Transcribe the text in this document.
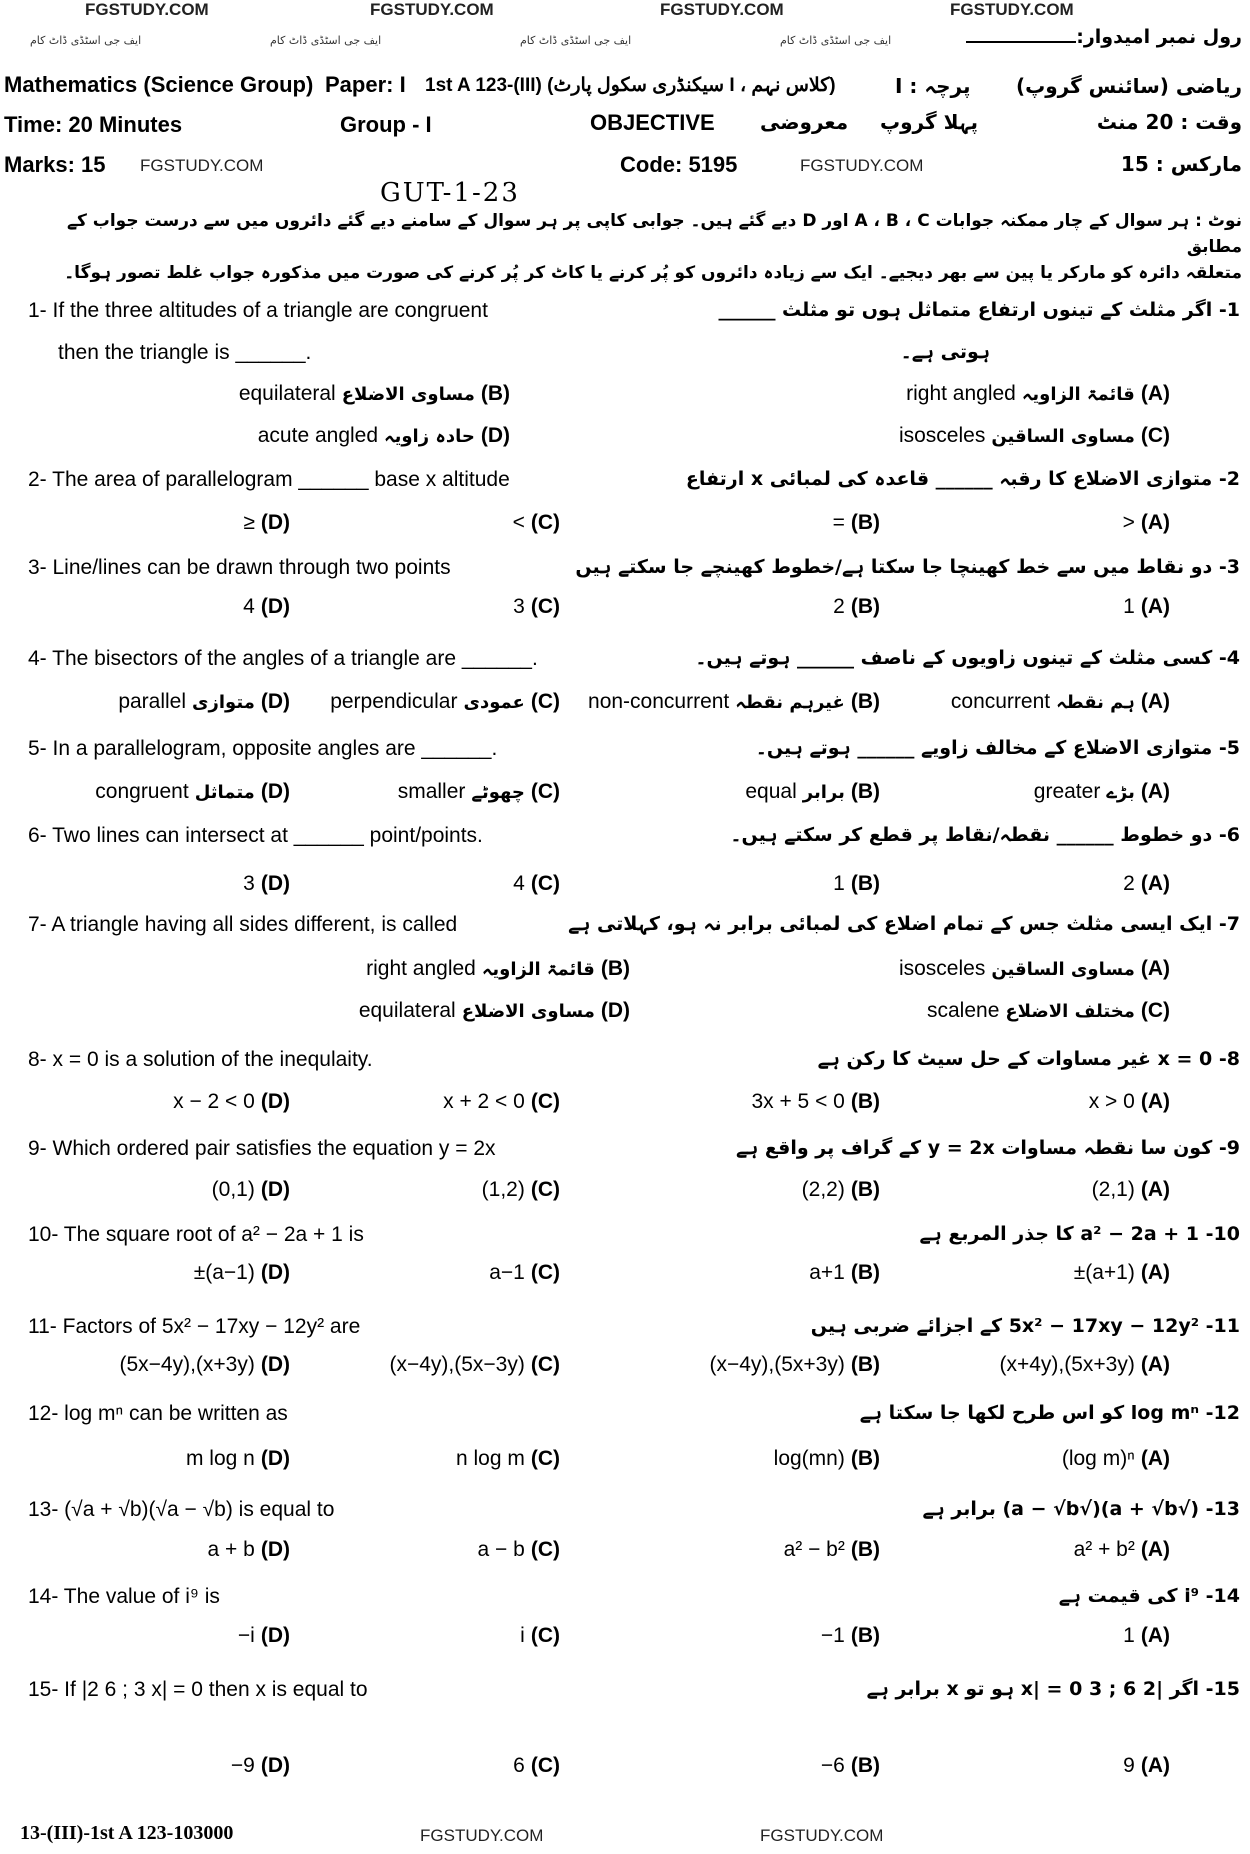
FGSTUDY.COM	FGSTUDY.COM	FGSTUDY.COM	FGSTUDY.COM
رول نمبر امیدوار:
ایف جی اسٹڈی ڈاٹ کام	ایف جی اسٹڈی ڈاٹ کام	ایف جی اسٹڈی ڈاٹ کام	ایف جی اسٹڈی ڈاٹ کام
Mathematics (Science Group) Paper: I 1st A 123-(III) (سیکنڈری سکول پارٹ I ، کلاس نہم)	پرچہ : I ریاضی (سائنس گروپ)
Time: 20 Minutes	Group - I	OBJECTIVE معروضی پہلا گروپ	وقت : 20 منٹ
Marks: 15 FGSTUDY.COM	Code: 5195	FGSTUDY.COM	مارکس : 15
GUT-1-23
نوٹ : ہر سوال کے چار ممکنہ جوابات A ، B ، C اور D دیے گئے ہیں۔ جوابی کاپی پر ہر سوال کے سامنے دیے گئے دائروں میں سے درست جواب کے مطابق
متعلقہ دائرہ کو مارکر یا پین سے بھر دیجیے۔ ایک سے زیادہ دائروں کو پُر کرنے یا کاٹ کر پُر کرنے کی صورت میں مذکورہ جواب غلط تصور ہوگا۔
1- If the three altitudes of a triangle are congruent
then the triangle is ______.
1- اگر مثلث کے تینوں ارتفاع متماثل ہوں تو مثلث ______
ہوتی ہے۔
right angled قائمۃ الزاویہ (A)
equilateral مساوی الاضلاع (B)
isosceles مساوی الساقین (C)
acute angled حادہ زاویہ (D)
2- The area of parallelogram ______ base x altitude	2- متوازی الاضلاع کا رقبہ ______ قاعدہ کی لمبائی x ارتفاع
> (A)
= (B)
< (C)
≥ (D)
3- Line/lines can be drawn through two points	3- دو نقاط میں سے خط کھینچا جا سکتا ہے/خطوط کھینچے جا سکتے ہیں
1 (A)
2 (B)
3 (C)
4 (D)
4- The bisectors of the angles of a triangle are ______.	4- کسی مثلث کے تینوں زاویوں کے ناصف ______ ہوتے ہیں۔
concurrent ہم نقطہ (A)
non-concurrent غیرہم نقطہ (B)
perpendicular عمودی (C)
parallel متوازی (D)
5- In a parallelogram, opposite angles are ______.	5- متوازی الاضلاع کے مخالف زاویے ______ ہوتے ہیں۔
greater بڑے (A)
equal برابر (B)
smaller چھوٹے (C)
congruent متماثل (D)
6- Two lines can intersect at ______ point/points.	6- دو خطوط ______ نقطہ/نقاط پر قطع کر سکتے ہیں۔
2 (A)
1 (B)
4 (C)
3 (D)
7- A triangle having all sides different, is called	7- ایک ایسی مثلث جس کے تمام اضلاع کی لمبائی برابر نہ ہو، کہلاتی ہے
isosceles مساوی الساقین (A)
right angled قائمۃ الزاویہ (B)
scalene مختلف الاضلاع (C)
equilateral مساوی الاضلاع (D)
8- x = 0 is a solution of the inequlaity.	8- x = 0 غیر مساوات کے حل سیٹ کا رکن ہے
x > 0 (A)
3x + 5 < 0 (B)
x + 2 < 0 (C)
x − 2 < 0 (D)
9- Which ordered pair satisfies the equation y = 2x	9- کون سا نقطہ مساوات y = 2x کے گراف پر واقع ہے
(2,1) (A)
(2,2) (B)
(1,2) (C)
(0,1) (D)
10- The square root of a² − 2a + 1 is	10- a² − 2a + 1 کا جذر المربع ہے
±(a+1) (A)
a+1 (B)
a−1 (C)
±(a−1) (D)
11- Factors of 5x² − 17xy − 12y² are	11- 5x² − 17xy − 12y² کے اجزائے ضربی ہیں
(x+4y),(5x+3y) (A)
(x−4y),(5x+3y) (B)
(x−4y),(5x−3y) (C)
(5x−4y),(x+3y) (D)
12- log mⁿ can be written as	12- log mⁿ کو اس طرح لکھا جا سکتا ہے
(log m)ⁿ (A)
log(mn) (B)
n log m (C)
m log n (D)
13- (√a + √b)(√a − √b) is equal to	13- (√a + √b)(√a − √b) برابر ہے
a² + b² (A)
a² − b² (B)
a − b (C)
a + b (D)
14- The value of i⁹ is	14- i⁹ کی قیمت ہے
1 (A)
−1 (B)
i (C)
−i (D)
15- If |2 6 ; 3 x| = 0 then x is equal to	15- اگر |2 6 ; 3 x| = 0 ہو تو x برابر ہے
9 (A)
−6 (B)
6 (C)
−9 (D)
13-(III)-1st A 123-103000	FGSTUDY.COM	FGSTUDY.COM
